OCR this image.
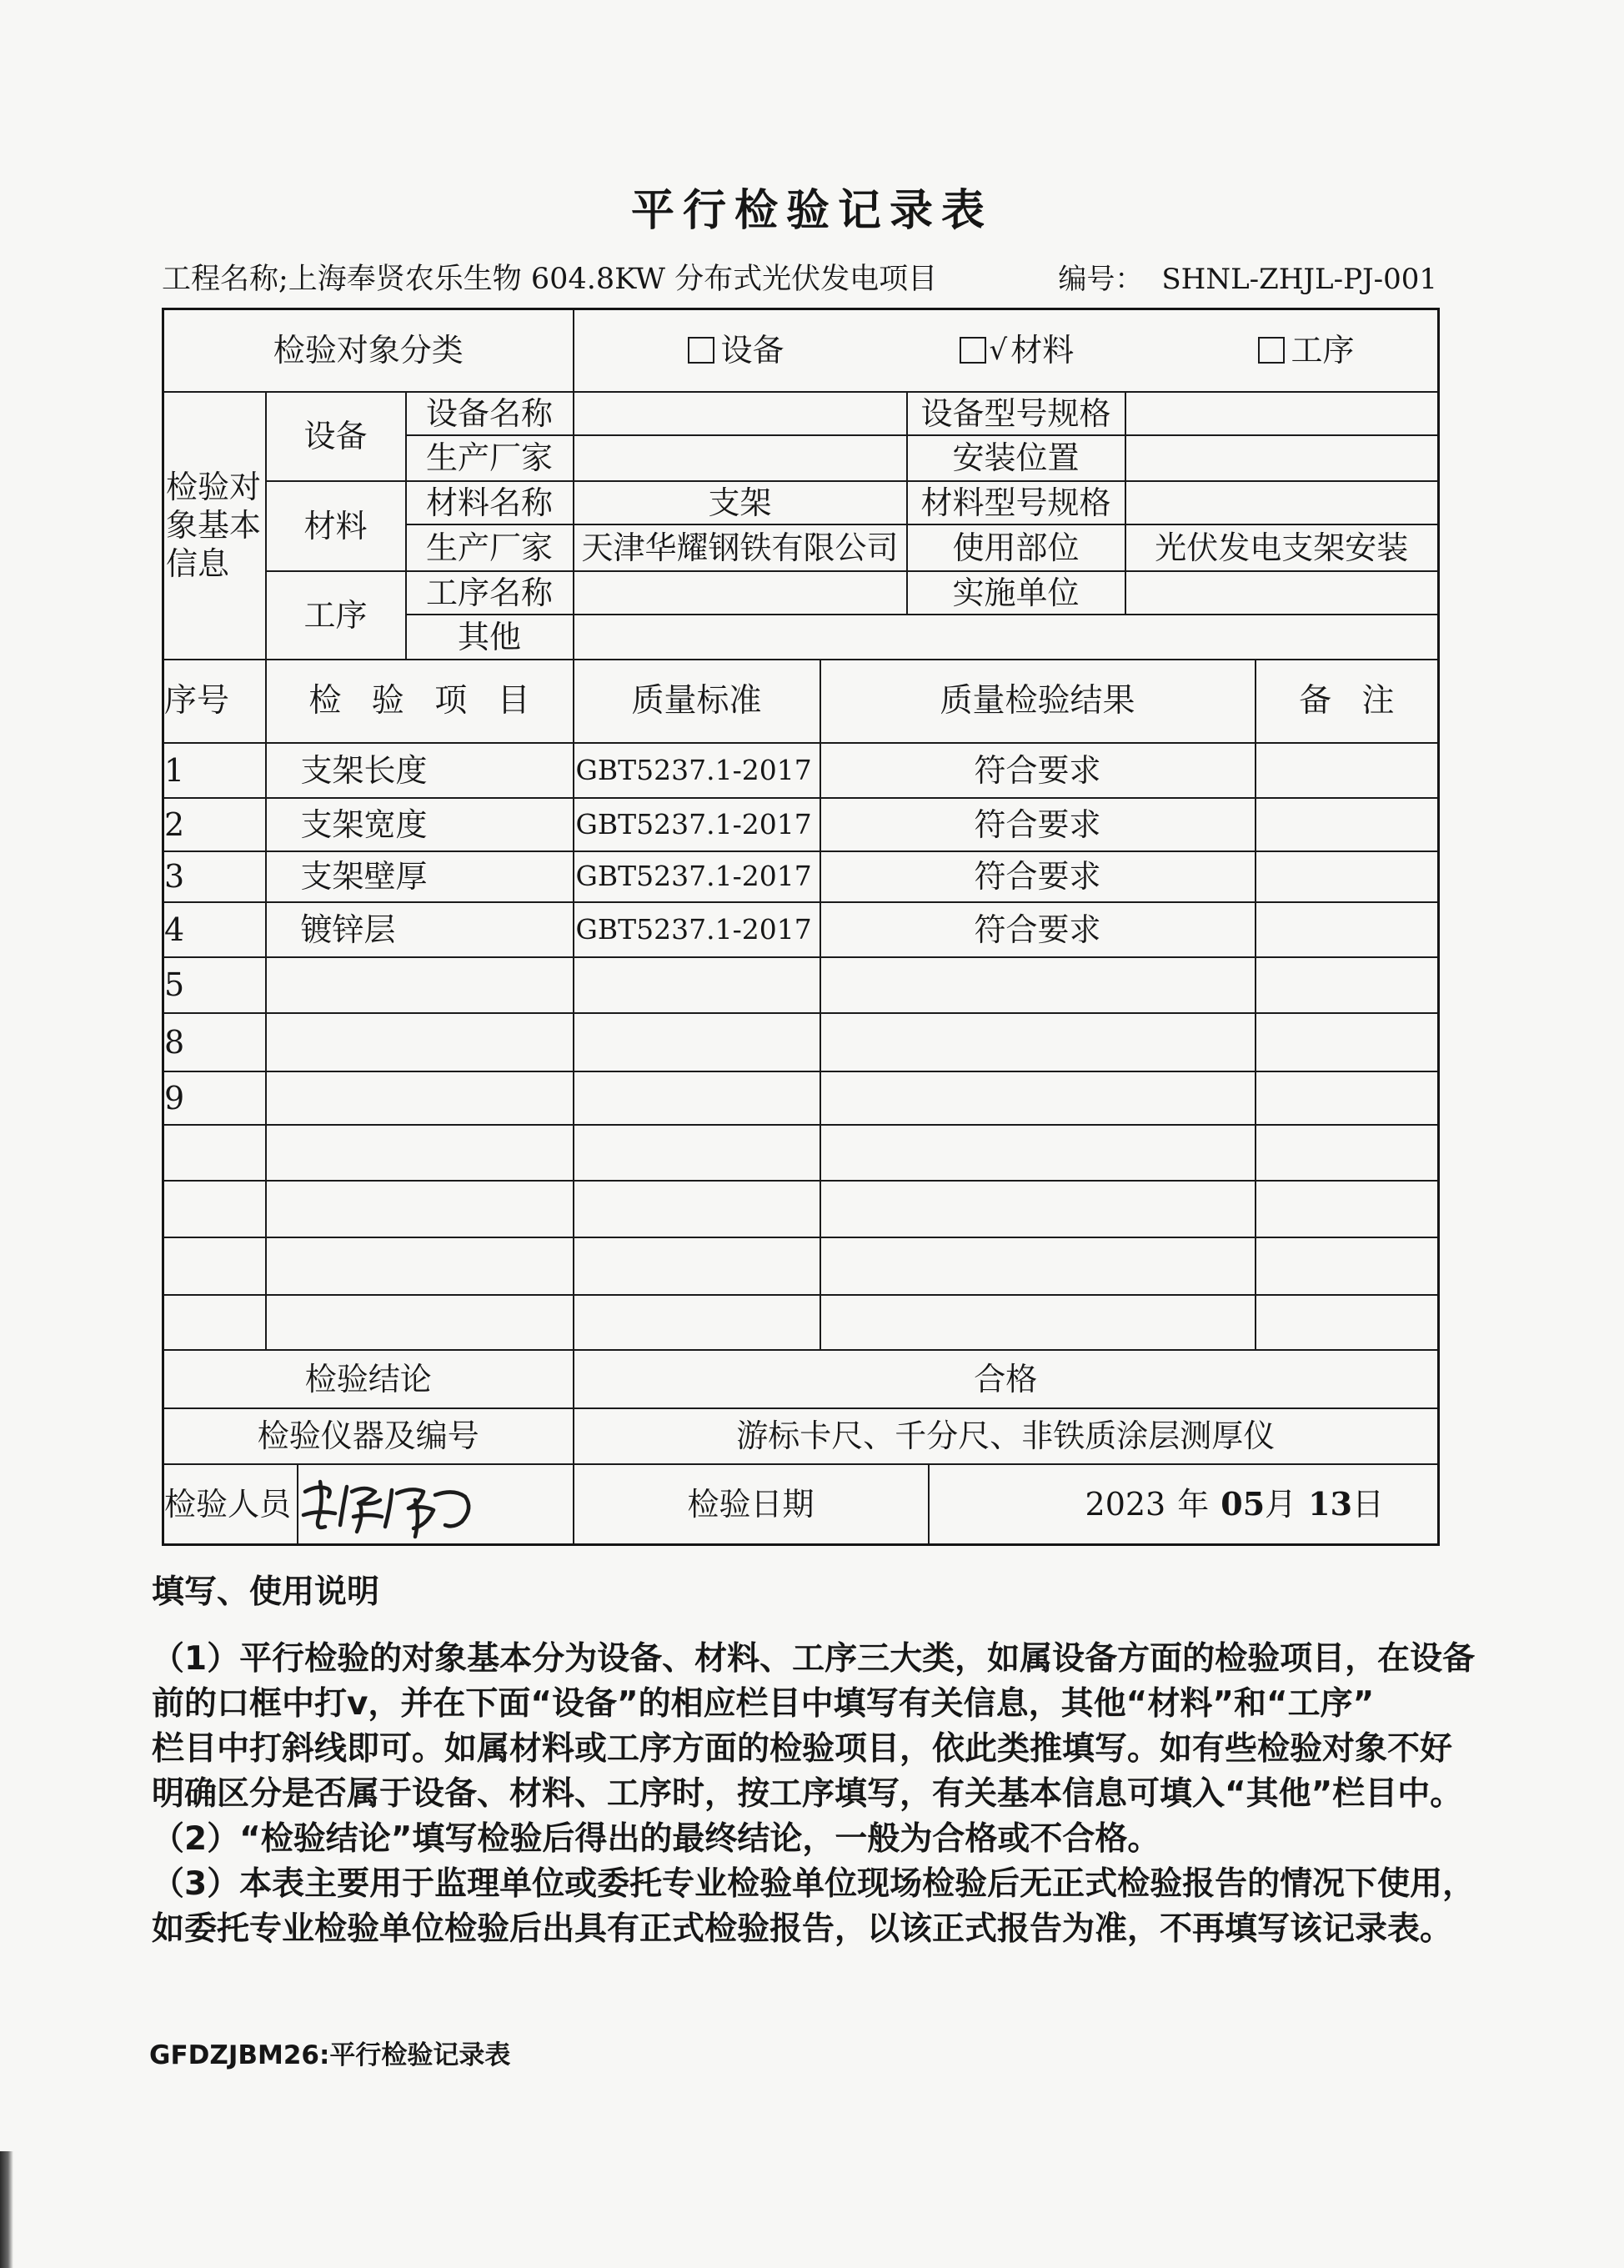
平行检验记录表
工程名称;上海奉贤农乐生物 604.8KW 分布式光伏发电项目	编号： SHNL-ZHJL-PJ-001
检验对象分类				设备 √ 材料 工序					

检验对象基本信息	设备		设备名称			设备型号规格			
			生产厂家			安装位置			
	材料		材料名称	支架		材料型号规格			
			生产厂家	天津华耀钢铁有限公司		使用部位		光伏发电支架安装	
	工序		工序名称			实施单位			
			其他						
序号	检 验 项 目			质量标准	质量检验结果				备 注
1	支架长度			GBT5237.1-2017	符合要求				
2	支架宽度			GBT5237.1-2017	符合要求				
3	支架壁厚			GBT5237.1-2017	符合要求				
4	镀锌层			GBT5237.1-2017	符合要求				
5									
8									
9									

检验结论				合格					
检验仪器及编号				游标卡尺、千分尺、非铁质涂层测厚仪					
检验人员				检验日期			2023 年 05月 13日		
填写、使用说明
（1）平行检验的对象基本分为设备、材料、工序三大类，如属设备方面的检验项目，在设备
前的口框中打v，并在下面“设备”的相应栏目中填写有关信息，其他“材料”和“工序”
栏目中打斜线即可。如属材料或工序方面的检验项目，依此类推填写。如有些检验对象不好
明确区分是否属于设备、材料、工序时，按工序填写，有关基本信息可填入“其他”栏目中。
（2）“检验结论”填写检验后得出的最终结论，一般为合格或不合格。
（3）本表主要用于监理单位或委托专业检验单位现场检验后无正式检验报告的情况下使用，
如委托专业检验单位检验后出具有正式检验报告，以该正式报告为准，不再填写该记录表。
GFDZJBM26:平行检验记录表
